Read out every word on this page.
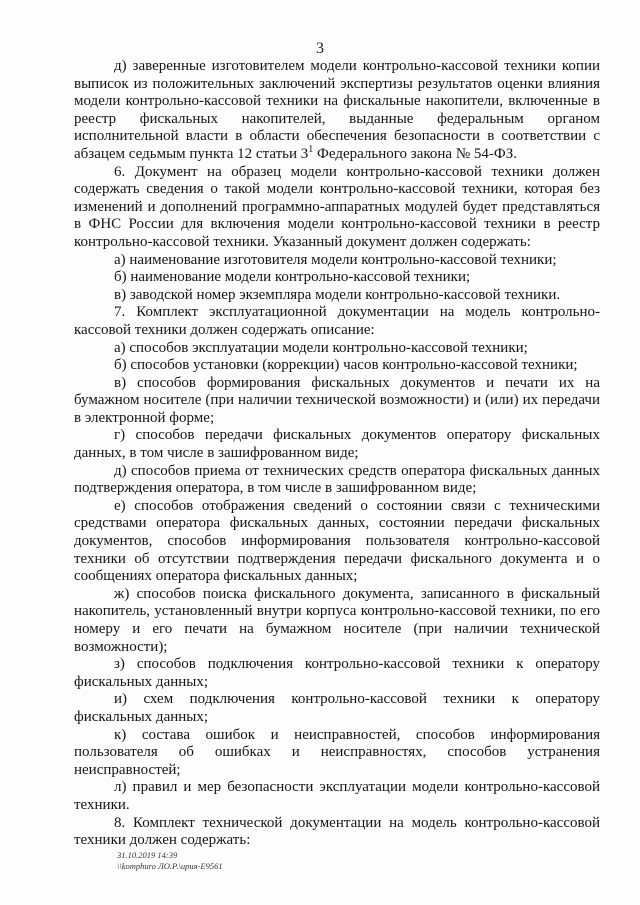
3

д) заверенные изготовителем модели контрольно-кассовой техники копии выписок из положительных заключений экспертизы результатов оценки влияния модели контрольно-кассовой техники на фискальные накопители, включенные в реестр фискальных накопителей, выданные федеральным органом исполнительной власти в области обеспечения безопасности в соответствии с абзацем седьмым пункта 12 статьи $3^1$ Федерального закона № 54-ФЗ.

6. Документ на образец модели контрольно-кассовой техники должен содержать сведения о такой модели контрольно-кассовой техники, которая без изменений и дополнений программно-аппаратных модулей будет представляться в ФНС России для включения модели контрольно-кассовой техники в реестр контрольно-кассовой техники. Указанный документ должен содержать:

а) наименование изготовителя модели контрольно-кассовой техники;

б) наименование модели контрольно-кассовой техники;

в) заводской номер экземпляра модели контрольно-кассовой техники.

7. Комплект эксплуатационной документации на модель контрольно-кассовой техники должен содержать описание:

а) способов эксплуатации модели контрольно-кассовой техники;

б) способов установки (коррекции) часов контрольно-кассовой техники;

в) способов формирования фискальных документов и печати их на бумажном носителе (при наличии технической возможности) и (или) их передачи в электронной форме;

г) способов передачи фискальных документов оператору фискальных данных, в том числе в зашифрованном виде;

д) способов приема от технических средств оператора фискальных данных подтверждения оператора, в том числе в зашифрованном виде;

е) способов отображения сведений о состоянии связи с техническими средствами оператора фискальных данных, состоянии передачи фискальных документов, способов информирования пользователя контрольно-кассовой техники об отсутствии подтверждения передачи фискального документа и о сообщениях оператора фискальных данных;

ж) способов поиска фискального документа, записанного в фискальный накопитель, установленный внутри корпуса контрольно-кассовой техники, по его номеру и его печати на бумажном носителе (при наличии технической возможности);

з) способов подключения контрольно-кассовой техники к оператору фискальных данных;

и) схем подключения контрольно-кассовой техники к оператору фискальных данных;

к) состава ошибок и неисправностей, способов информирования пользователя об ошибках и неисправностях, способов устранения неисправностей;

л) правил и мер безопасности эксплуатации модели контрольно-кассовой техники.

8. Комплект технической документации на модель контрольно-кассовой техники должен содержать:

31.10.2019 14:39
\\komphuro ЛО.Р.\ирия-Е9561
